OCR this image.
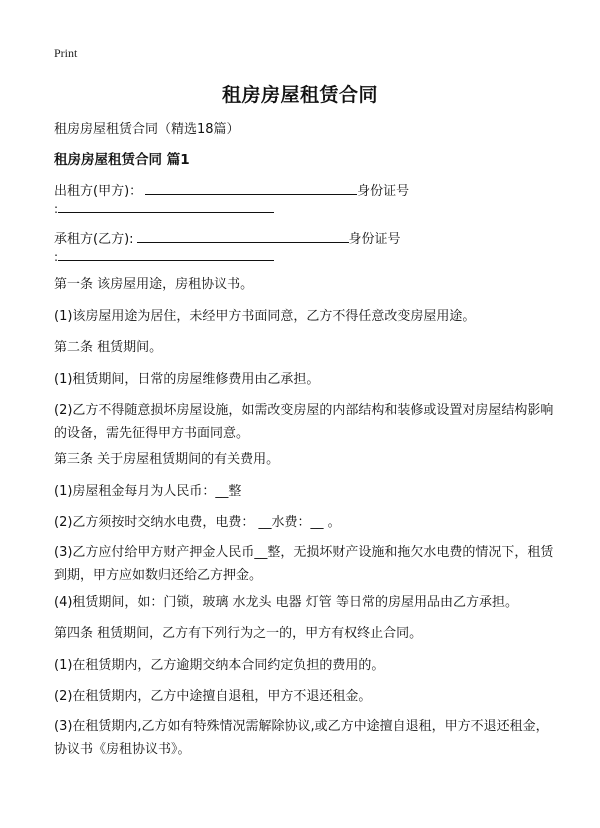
Print
租房房屋租赁合同
租房房屋租赁合同（精选18篇）
租房房屋租赁合同 篇1
出租方(甲方)：	身份证号
:
承租方(乙方):	身份证号
:
第一条 该房屋用途，房租协议书。
(1)该房屋用途为居住，未经甲方书面同意，乙方不得任意改变房屋用途。
第二条 租赁期间。
(1)租赁期间，日常的房屋维修费用由乙承担。
(2)乙方不得随意损坏房屋设施，如需改变房屋的内部结构和装修或设置对房屋结构影响的设备，需先征得甲方书面同意。
第三条 关于房屋租赁期间的有关费用。
(1)房屋租金每月为人民币：__整
(2)乙方须按时交纳水电费，电费： __水费：__ 。
(3)乙方应付给甲方财产押金人民币__整，无损坏财产设施和拖欠水电费的情况下，租赁到期，甲方应如数归还给乙方押金。
(4)租赁期间，如：门锁，玻璃 水龙头 电器 灯管 等日常的房屋用品由乙方承担。
第四条 租赁期间，乙方有下列行为之一的，甲方有权终止合同。
(1)在租赁期内，乙方逾期交纳本合同约定负担的费用的。
(2)在租赁期内，乙方中途擅自退租，甲方不退还租金。
(3)在租赁期内,乙方如有特殊情况需解除协议,或乙方中途擅自退租，甲方不退还租金，协议书《房租协议书》。
